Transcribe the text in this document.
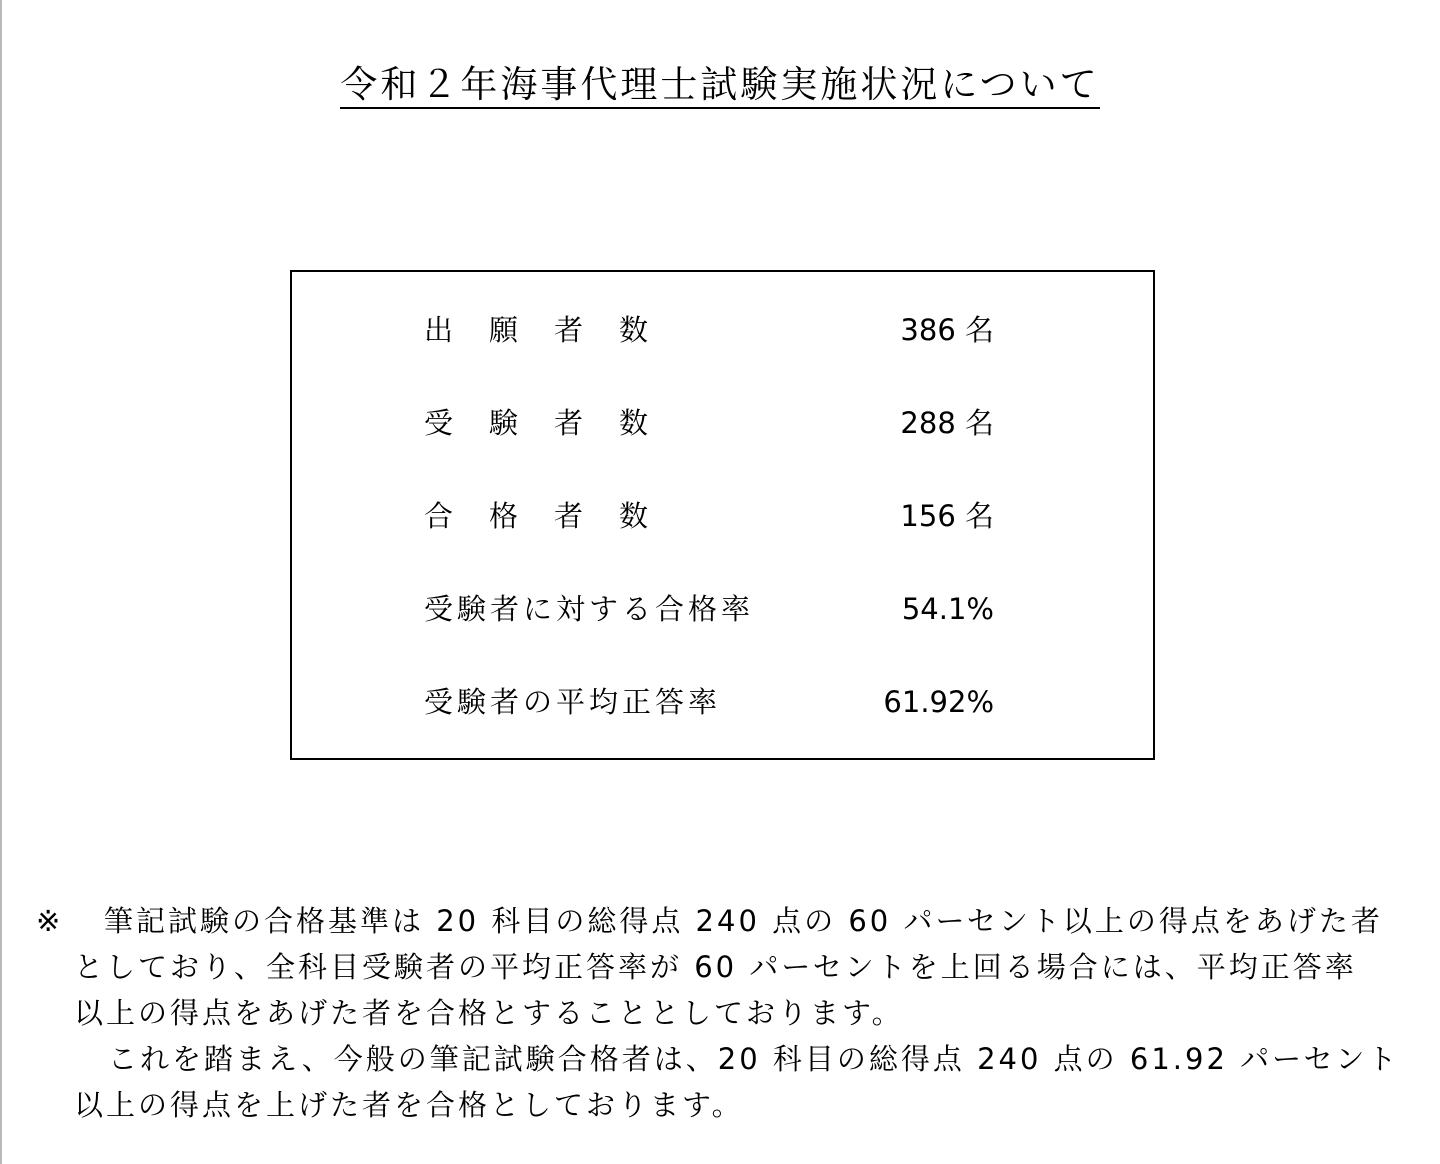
令和２年海事代理士試験実施状況について
出願者数	386 名
受験者数	288 名
合格者数	156 名
受験者に対する合格率	54.1%
受験者の平均正答率	61.92%

※ 筆記試験の合格基準は 20 科目の総得点 240 点の 60 パーセント以上の得点をあげた者
としており、全科目受験者の平均正答率が 60 パーセントを上回る場合には、平均正答率
以上の得点をあげた者を合格とすることとしております。

これを踏まえ、今般の筆記試験合格者は、20 科目の総得点 240 点の 61.92 パーセント
以上の得点を上げた者を合格としております。
